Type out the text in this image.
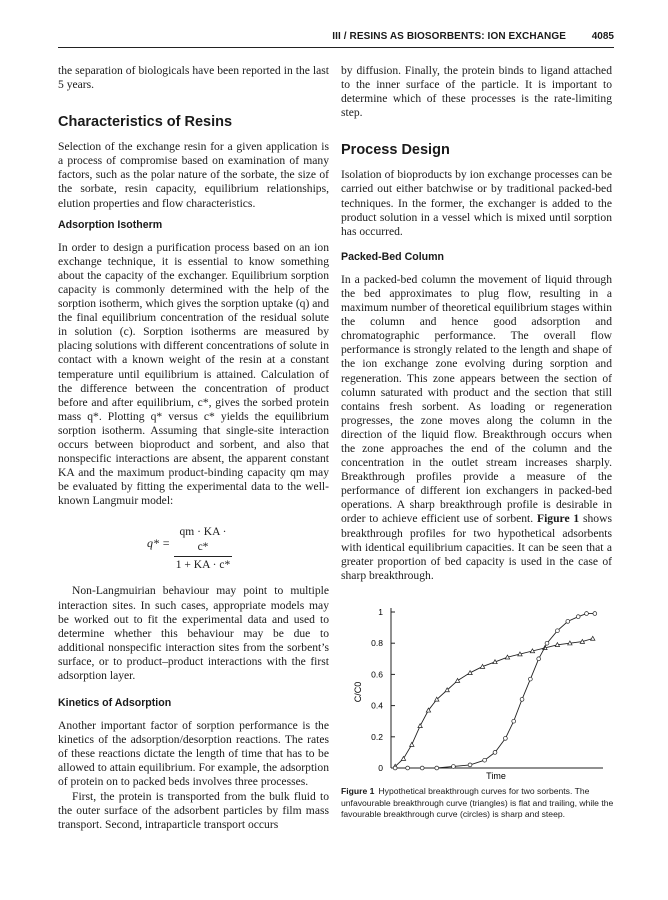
III / RESINS AS BIOSORBENTS: ION EXCHANGE	4085

the separation of biologicals have been reported in the last 5 years.

Characteristics of Resins

Selection of the exchange resin for a given application is a process of compromise based on examination of many factors, such as the polar nature of the sorbate, the size of the sorbate, resin capacity, equilibrium relationships, elution properties and flow characteristics.

Adsorption Isotherm

In order to design a purification process based on an ion exchange technique, it is essential to know something about the capacity of the exchanger. Equilibrium sorption capacity is commonly determined with the help of the sorption isotherm, which gives the sorption uptake (q) and the final equilibrium concentration of the residual solute in solution (c). Sorption isotherms are measured by placing solutions with different concentrations of solute in contact with a known weight of the resin at a constant temperature until equilibrium is attained. Calculation of the difference between the concentration of product before and after equilibrium, c*, gives the sorbed protein mass q*. Plotting q* versus c* yields the equilibrium sorption isotherm. Assuming that single-site interaction occurs between bioproduct and sorbent, and also that nonspecific interactions are absent, the apparent constant KA and the maximum product-binding capacity qm may be evaluated by fitting the experimental data to the well-known Langmuir model:

q* =
qm · KA · c*
1 + KA · c*

Non-Langmuirian behaviour may point to multiple interaction sites. In such cases, appropriate models may be worked out to fit the experimental data and used to determine whether this behaviour may be due to additional nonspecific interaction sites from the sorbent’s surface, or to product–product interactions with the first adsorption layer.

Kinetics of Adsorption

Another important factor of sorption performance is the kinetics of the adsorption/desorption reactions. The rates of these reactions dictate the length of time that has to be allowed to attain equilibrium. For example, the adsorption of protein on to packed beds involves three processes.

First, the protein is transported from the bulk fluid to the outer surface of the adsorbent particles by film mass transport. Second, intraparticle transport occurs

by diffusion. Finally, the protein binds to ligand attached to the inner surface of the particle. It is important to determine which of these processes is the rate-limiting step.

Process Design

Isolation of bioproducts by ion exchange processes can be carried out either batchwise or by traditional packed-bed techniques. In the former, the exchanger is added to the product solution in a vessel which is mixed until sorption has occurred.

Packed-Bed Column

In a packed-bed column the movement of liquid through the bed approximates to plug flow, resulting in a maximum number of theoretical equilibrium stages within the column and hence good adsorption and chromatographic performance. The overall flow performance is strongly related to the length and shape of the ion exchange zone evolving during sorption and regeneration. This zone appears between the section of column saturated with product and the section that still contains fresh sorbent. As loading or regeneration progresses, the zone moves along the column in the direction of the liquid flow. Breakthrough occurs when the zone approaches the end of the column and the concentration in the outlet stream increases sharply. Breakthrough profiles provide a measure of the performance of different ion exchangers in packed-bed operations. A sharp breakthrough profile is desirable in order to achieve efficient use of sorbent. Figure 1 shows breakthrough profiles for two hypothetical adsorbents with identical equilibrium capacities. It can be seen that a greater proportion of bed capacity is used in the case of sharp breakthrough.

0
0.2
0.4
0.6
0.8
1
Time
C/C0
Figure 1 Hypothetical breakthrough curves for two sorbents. The unfavourable breakthrough curve (triangles) is flat and trailing, while the favourable breakthrough curve (circles) is sharp and steep.
